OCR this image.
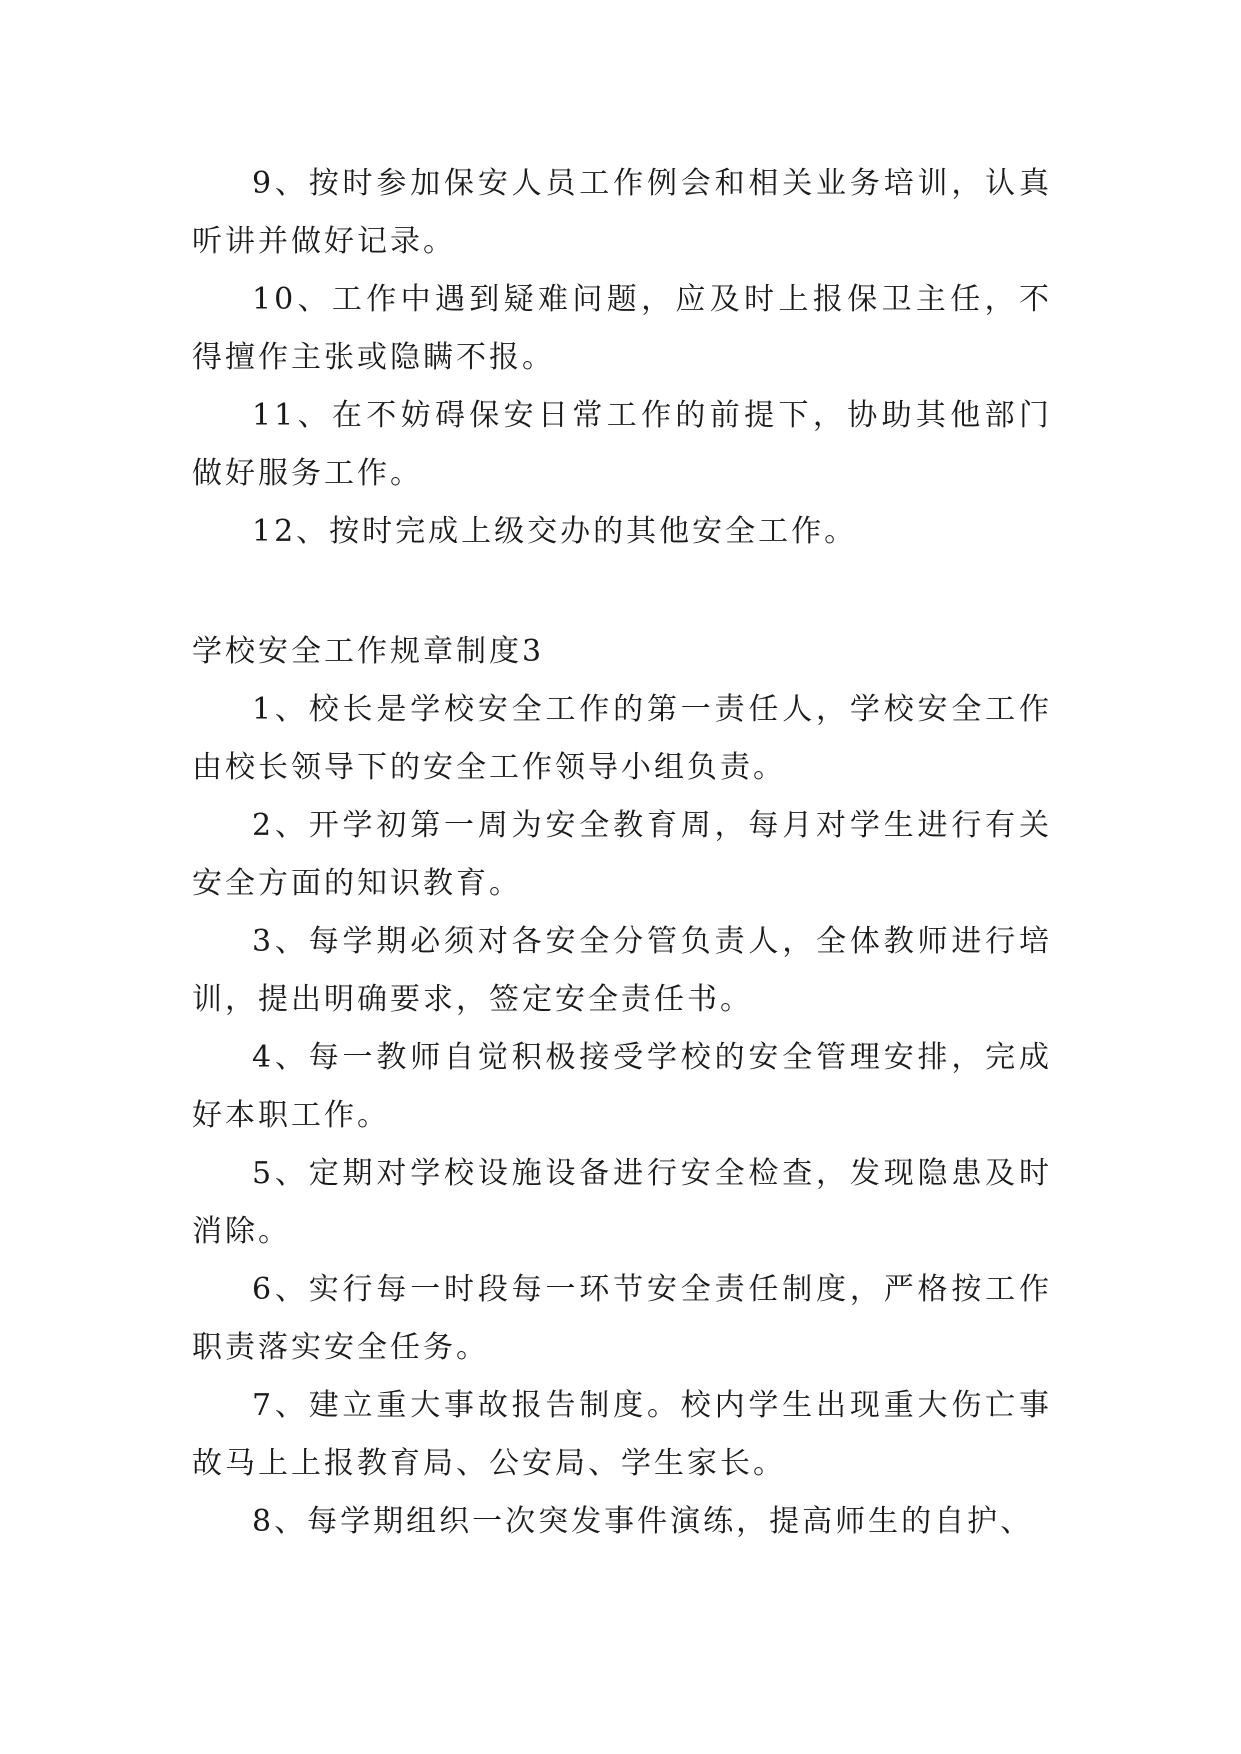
9、按时参加保安人员工作例会和相关业务培训，认真听讲并做好记录。

10、工作中遇到疑难问题，应及时上报保卫主任，不得擅作主张或隐瞒不报。

11、在不妨碍保安日常工作的前提下，协助其他部门做好服务工作。

12、按时完成上级交办的其他安全工作。

学校安全工作规章制度3

1、校长是学校安全工作的第一责任人，学校安全工作由校长领导下的安全工作领导小组负责。

2、开学初第一周为安全教育周，每月对学生进行有关安全方面的知识教育。

3、每学期必须对各安全分管负责人，全体教师进行培训，提出明确要求，签定安全责任书。

4、每一教师自觉积极接受学校的安全管理安排，完成好本职工作。

5、定期对学校设施设备进行安全检查，发现隐患及时消除。

6、实行每一时段每一环节安全责任制度，严格按工作职责落实安全任务。

7、建立重大事故报告制度。校内学生出现重大伤亡事故马上上报教育局、公安局、学生家长。

8、每学期组织一次突发事件演练，提高师生的自护、
